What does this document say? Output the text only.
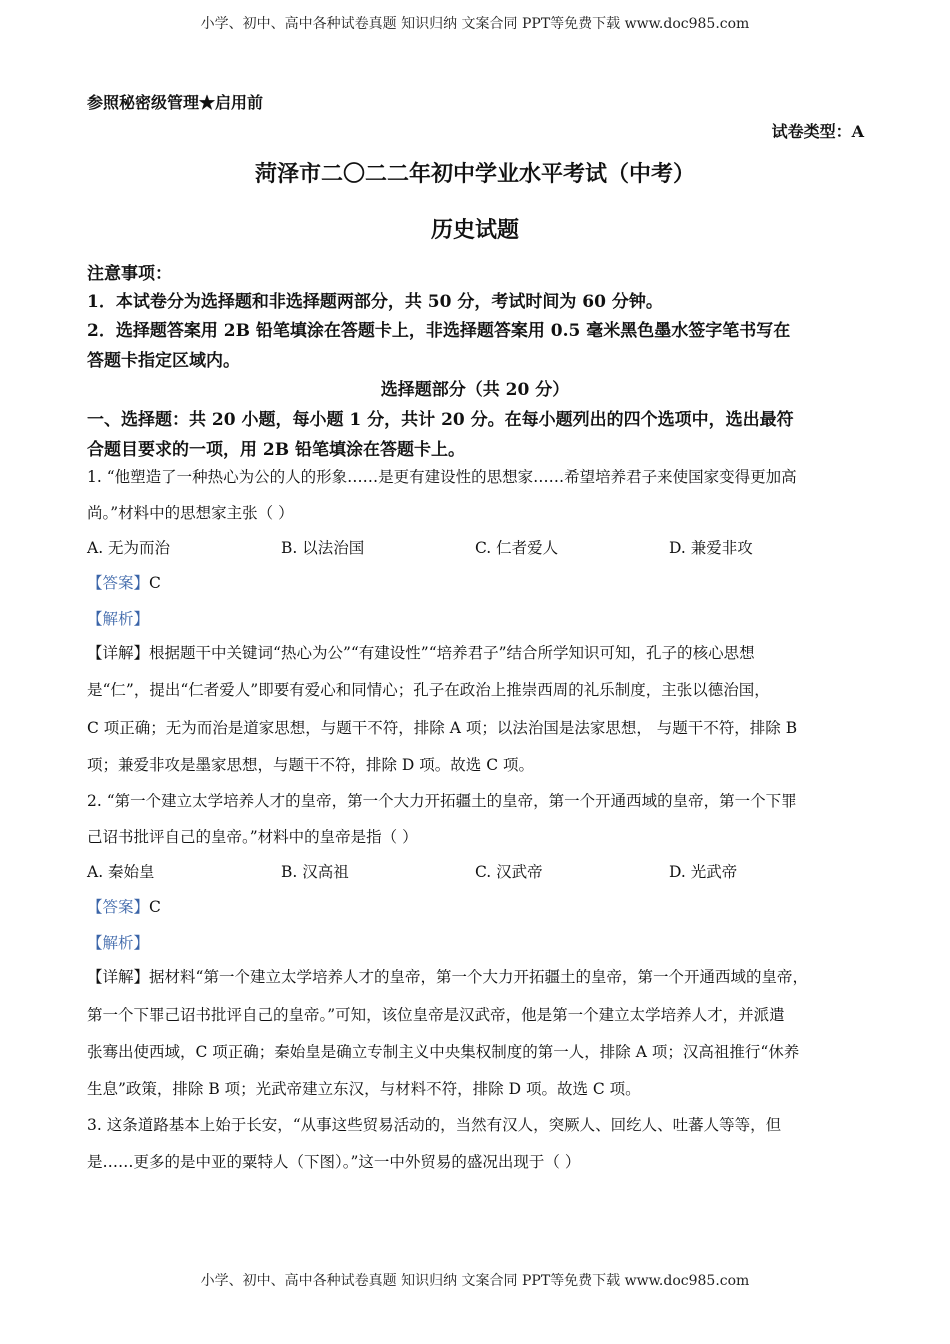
小学、初中、高中各种试卷真题 知识归纳 文案合同 PPT等免费下载 www.doc985.com
参照秘密级管理★启用前
试卷类型：A
菏泽市二〇二二年初中学业水平考试（中考）
历史试题
注意事项：
1．本试卷分为选择题和非选择题两部分，共 50 分，考试时间为 60 分钟。
2．选择题答案用 2B 铅笔填涂在答题卡上，非选择题答案用 0.5 毫米黑色墨水签字笔书写在
答题卡指定区域内。
选择题部分（共 20 分）
一、选择题：共 20 小题，每小题 1 分，共计 20 分。在每小题列出的四个选项中，选出最符
合题目要求的一项，用 2B 铅笔填涂在答题卡上。
1. “他塑造了一种热心为公的人的形象……是更有建设性的思想家……希望培养君子来使国家变得更加高
尚。”材料中的思想家主张（ ）
A. 无为而治	B. 以法治国	C. 仁者爱人	D. 兼爱非攻
【答案】C
【解析】
【详解】根据题干中关键词“热心为公”“有建设性”“培养君子”结合所学知识可知，孔子的核心思想
是“仁”，提出“仁者爱人”即要有爱心和同情心；孔子在政治上推崇西周的礼乐制度，主张以德治国，
C 项正确；无为而治是道家思想，与题干不符，排除 A 项；以法治国是法家思想， 与题干不符，排除 B
项；兼爱非攻是墨家思想，与题干不符，排除 D 项。故选 C 项。
2. “第一个建立太学培养人才的皇帝，第一个大力开拓疆土的皇帝，第一个开通西域的皇帝，第一个下罪
己诏书批评自己的皇帝。”材料中的皇帝是指（ ）
A. 秦始皇	B. 汉高祖	C. 汉武帝	D. 光武帝
【答案】C
【解析】
【详解】据材料“第一个建立太学培养人才的皇帝，第一个大力开拓疆土的皇帝，第一个开通西域的皇帝，
第一个下罪己诏书批评自己的皇帝。”可知，该位皇帝是汉武帝，他是第一个建立太学培养人才，并派遣
张骞出使西域，C 项正确；秦始皇是确立专制主义中央集权制度的第一人，排除 A 项；汉高祖推行“休养
生息”政策，排除 B 项；光武帝建立东汉，与材料不符，排除 D 项。故选 C 项。
3. 这条道路基本上始于长安，“从事这些贸易活动的，当然有汉人，突厥人、回纥人、吐蕃人等等，但
是……更多的是中亚的粟特人（下图）。”这一中外贸易的盛况出现于（ ）
小学、初中、高中各种试卷真题 知识归纳 文案合同 PPT等免费下载 www.doc985.com
